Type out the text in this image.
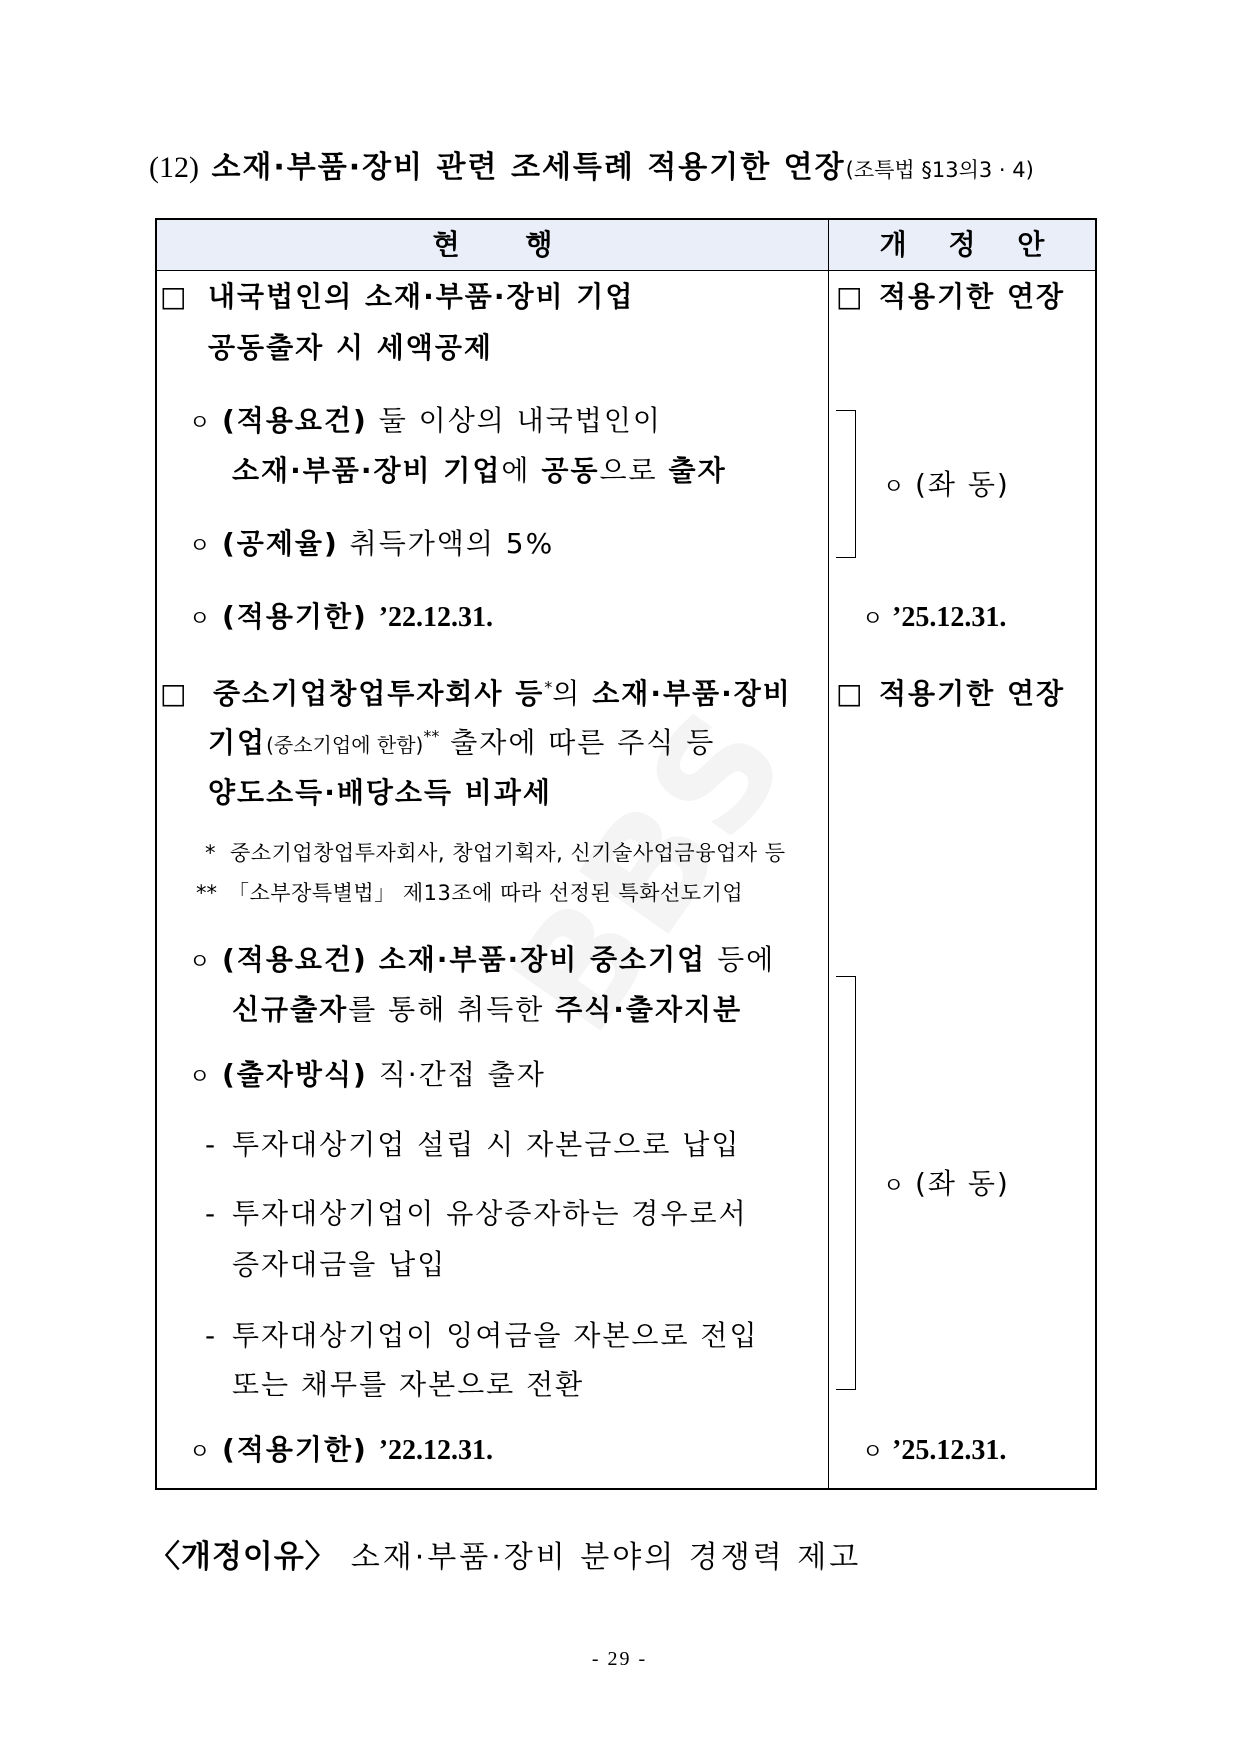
(12) 소재·부품·장비 관련 조세특례 적용기한 연장(조특법 §13의3 · 4)
현 행	개 정 안
□ 내국법인의 소재·부품·장비 기업
공동출자 시 세액공제
ㅇ (적용요건) 둘 이상의 내국법인이
소재·부품·장비 기업에 공동으로 출자
ㅇ (공제율) 취득가액의 5%
ㅇ (적용기한) ’22.12.31.
□ 중소기업창업투자회사 등*의 소재·부품·장비
기업(중소기업에 한함)** 출자에 따른 주식 등
양도소득·배당소득 비과세
* 중소기업창업투자회사, 창업기획자, 신기술사업금융업자 등
** 「소부장특별법」 제13조에 따라 선정된 특화선도기업
ㅇ (적용요건) 소재·부품·장비 중소기업 등에
신규출자를 통해 취득한 주식·출자지분
ㅇ (출자방식) 직·간접 출자
- 투자대상기업 설립 시 자본금으로 납입
- 투자대상기업이 유상증자하는 경우로서
증자대금을 납입
- 투자대상기업이 잉여금을 자본으로 전입
또는 채무를 자본으로 전환
ㅇ (적용기한) ’22.12.31.
□ 적용기한 연장
ㅇ (좌 동)
ㅇ ’25.12.31.
□ 적용기한 연장
ㅇ (좌 동)
ㅇ ’25.12.31.
〈개정이유〉 소재·부품·장비 분야의 경쟁력 제고
- 29 -
